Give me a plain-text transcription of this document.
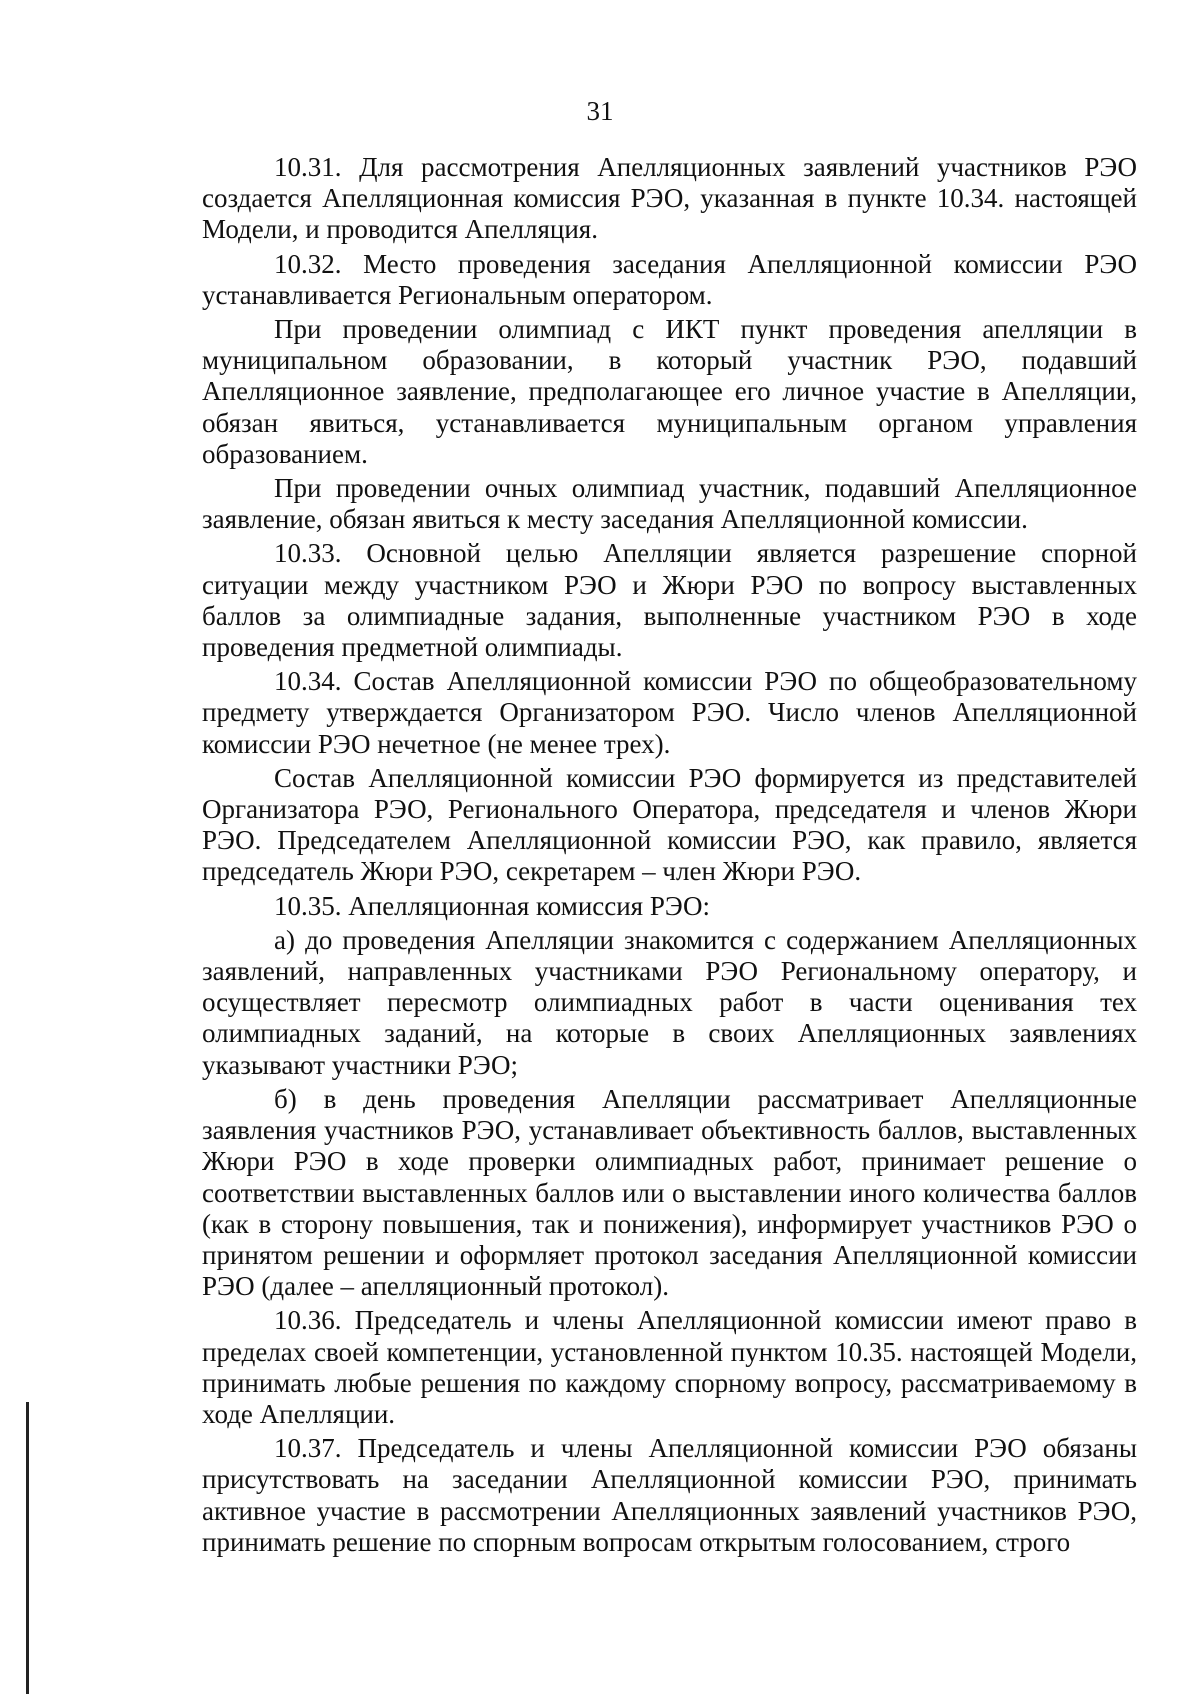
31

10.31. Для рассмотрения Апелляционных заявлений участников РЭО создается Апелляционная комиссия РЭО, указанная в пункте 10.34. настоящей Модели, и проводится Апелляция.

10.32. Место проведения заседания Апелляционной комиссии РЭО устанавливается Региональным оператором.

При проведении олимпиад с ИКТ пункт проведения апелляции в муниципальном образовании, в который участник РЭО, подавший Апелляционное заявление, предполагающее его личное участие в Апелляции, обязан явиться, устанавливается муниципальным органом управления образованием.

При проведении очных олимпиад участник, подавший Апелляционное заявление, обязан явиться к месту заседания Апелляционной комиссии.

10.33. Основной целью Апелляции является разрешение спорной ситуации между участником РЭО и Жюри РЭО по вопросу выставленных баллов за олимпиадные задания, выполненные участником РЭО в ходе проведения предметной олимпиады.

10.34. Состав Апелляционной комиссии РЭО по общеобразовательному предмету утверждается Организатором РЭО. Число членов Апелляционной комиссии РЭО нечетное (не менее трех).

Состав Апелляционной комиссии РЭО формируется из представителей Организатора РЭО, Регионального Оператора, председателя и членов Жюри РЭО. Председателем Апелляционной комиссии РЭО, как правило, является председатель Жюри РЭО, секретарем – член Жюри РЭО.

10.35. Апелляционная комиссия РЭО:

а) до проведения Апелляции знакомится с содержанием Апелляционных заявлений, направленных участниками РЭО Региональному оператору, и осуществляет пересмотр олимпиадных работ в части оценивания тех олимпиадных заданий, на которые в своих Апелляционных заявлениях указывают участники РЭО;

б) в день проведения Апелляции рассматривает Апелляционные заявления участников РЭО, устанавливает объективность баллов, выставленных Жюри РЭО в ходе проверки олимпиадных работ, принимает решение о соответствии выставленных баллов или о выставлении иного количества баллов (как в сторону повышения, так и понижения), информирует участников РЭО о принятом решении и оформляет протокол заседания Апелляционной комиссии РЭО (далее – апелляционный протокол).

10.36. Председатель и члены Апелляционной комиссии имеют право в пределах своей компетенции, установленной пунктом 10.35. настоящей Модели, принимать любые решения по каждому спорному вопросу, рассматриваемому в ходе Апелляции.

10.37. Председатель и члены Апелляционной комиссии РЭО обязаны присутствовать на заседании Апелляционной комиссии РЭО, принимать активное участие в рассмотрении Апелляционных заявлений участников РЭО, принимать решение по спорным вопросам открытым голосованием, строго
